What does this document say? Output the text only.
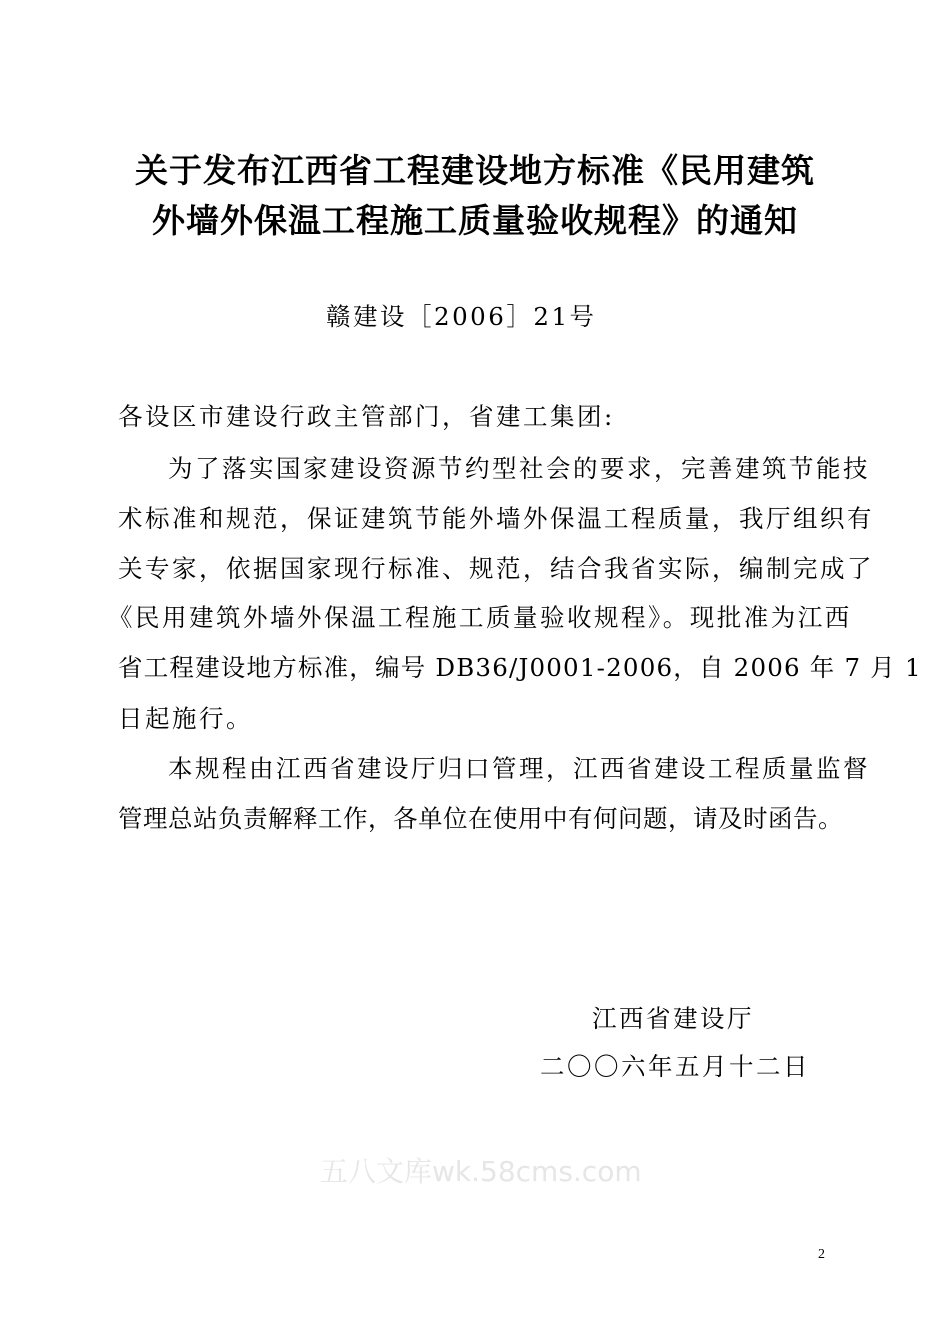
关于发布江西省工程建设地方标准《民用建筑
外墙外保温工程施工质量验收规程》的通知
赣建设［2006］21号
各设区市建设行政主管部门，省建工集团:
为了落实国家建设资源节约型社会的要求，完善建筑节能技
术标准和规范，保证建筑节能外墙外保温工程质量，我厅组织有
关专家，依据国家现行标准、规范，结合我省实际，编制完成了
《民用建筑外墙外保温工程施工质量验收规程》。现批准为江西
省工程建设地方标准，编号 DB36/J0001-2006，自 2006 年 7 月 1
日起施行。
本规程由江西省建设厅归口管理，江西省建设工程质量监督
管理总站负责解释工作，各单位在使用中有何问题，请及时函告。
江西省建设厅
二〇〇六年五月十二日
五八文库wk.58cms.com
2
